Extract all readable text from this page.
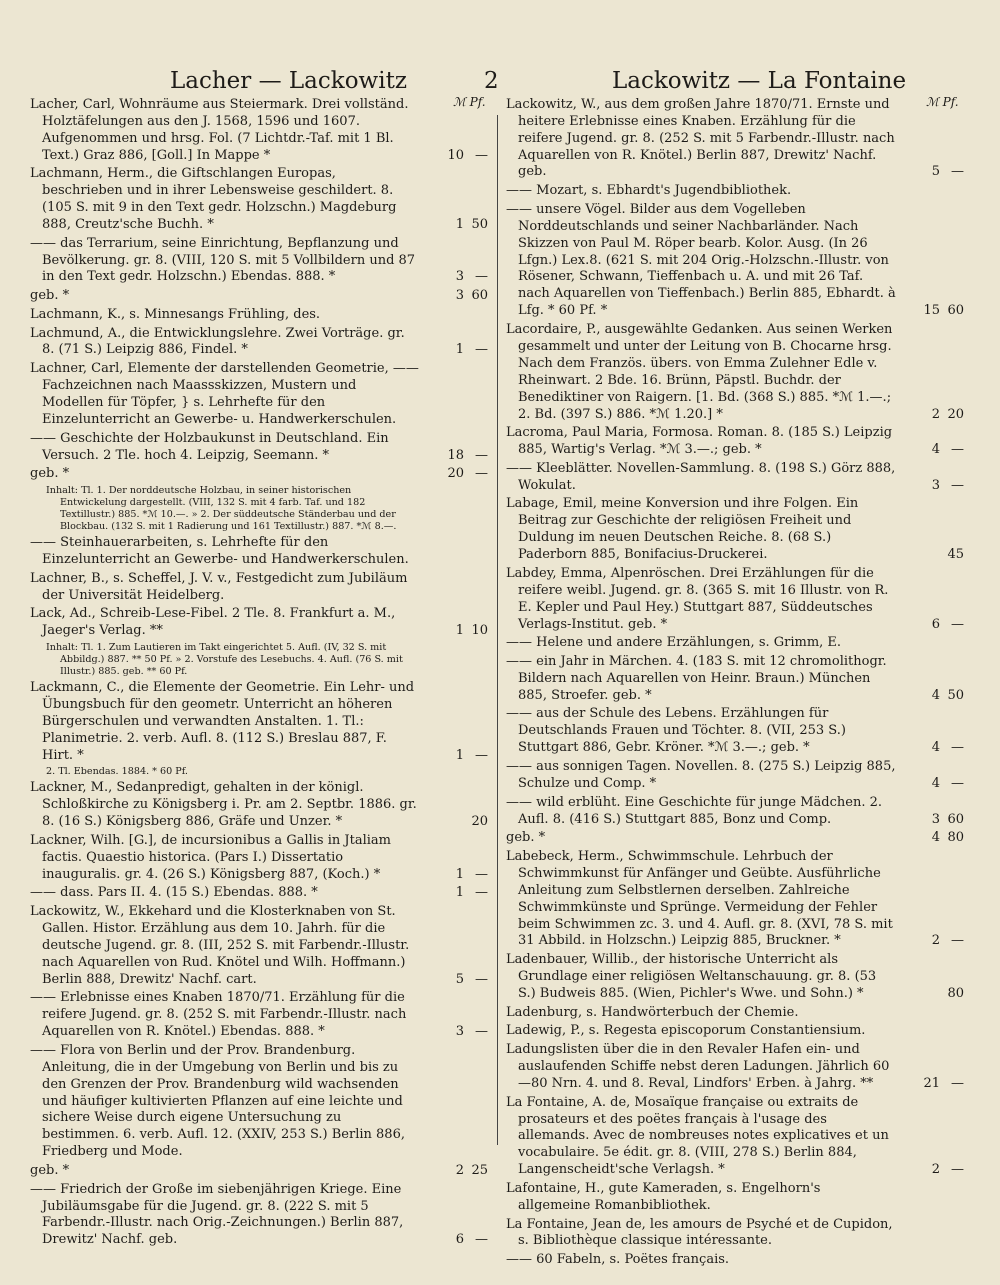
Lacher — Lackowitz	2	Lackowitz — La Fontaine
ℳ Pf.
Lacher, Carl, Wohnräume aus Steiermark. Drei vollständ. Holztäfelungen aus den J. 1568, 1596 und 1607. Aufgenommen und hrsg. Fol. (7 Lichtdr.-Taf. mit 1 Bl. Text.) Graz 886, [Goll.] In Mappe *	10 —
Lachmann, Herm., die Giftschlangen Europas, beschrieben und in ihrer Lebensweise geschildert. 8. (105 S. mit 9 in den Text gedr. Holzschn.) Magdeburg 888, Creutz'sche Buchh. *	1 50
—— das Terrarium, seine Einrichtung, Bepflanzung und Bevölkerung. gr. 8. (VIII, 120 S. mit 5 Vollbildern und 87 in den Text gedr. Holzschn.) Ebendas. 888. *	3 —
geb. *	3 60
Lachmann, K., s. Minnesangs Frühling, des.
Lachmund, A., die Entwicklungslehre. Zwei Vorträge. gr. 8. (71 S.) Leipzig 886, Findel. *	1 —
Lachner, Carl, Elemente der darstellenden Geometrie, —— Fachzeichnen nach Maassskizzen, Mustern und Modellen für Töpfer, } s. Lehrhefte für den Einzelunterricht an Gewerbe- u. Handwerkerschulen.
—— Geschichte der Holzbaukunst in Deutschland. Ein Versuch. 2 Tle. hoch 4. Leipzig, Seemann. *	18 —
geb. *	20 —
Inhalt: Tl. 1. Der norddeutsche Holzbau, in seiner historischen Entwickelung dargestellt. (VIII, 132 S. mit 4 farb. Taf. und 182 Textillustr.) 885. *ℳ 10.—. » 2. Der süddeutsche Ständerbau und der Blockbau. (132 S. mit 1 Radierung und 161 Textillustr.) 887. *ℳ 8.—.
—— Steinhauerarbeiten, s. Lehrhefte für den Einzelunterricht an Gewerbe- und Handwerkerschulen.
Lachner, B., s. Scheffel, J. V. v., Festgedicht zum Jubiläum der Universität Heidelberg.
Lack, Ad., Schreib-Lese-Fibel. 2 Tle. 8. Frankfurt a. M., Jaeger's Verlag. **	1 10
Inhalt: Tl. 1. Zum Lautieren im Takt eingerichtet 5. Aufl. (IV, 32 S. mit Abbildg.) 887. ** 50 Pf. » 2. Vorstufe des Lesebuchs. 4. Aufl. (76 S. mit Illustr.) 885. geb. ** 60 Pf.
Lackmann, C., die Elemente der Geometrie. Ein Lehr- und Übungsbuch für den geometr. Unterricht an höheren Bürgerschulen und verwandten Anstalten. 1. Tl.: Planimetrie. 2. verb. Aufl. 8. (112 S.) Breslau 887, F. Hirt. *	1 —
2. Tl. Ebendas. 1884. * 60 Pf.
Lackner, M., Sedanpredigt, gehalten in der königl. Schloßkirche zu Königsberg i. Pr. am 2. Septbr. 1886. gr. 8. (16 S.) Königsberg 886, Gräfe und Unzer. *	20
Lackner, Wilh. [G.], de incursionibus a Gallis in Jtaliam factis. Quaestio historica. (Pars I.) Dissertatio inauguralis. gr. 4. (26 S.) Königsberg 887, (Koch.) *	1 —
—— dass. Pars II. 4. (15 S.) Ebendas. 888. *	1 —
Lackowitz, W., Ekkehard und die Klosterknaben von St. Gallen. Histor. Erzählung aus dem 10. Jahrh. für die deutsche Jugend. gr. 8. (III, 252 S. mit Farbendr.-Illustr. nach Aquarellen von Rud. Knötel und Wilh. Hoffmann.) Berlin 888, Drewitz' Nachf. cart.	5 —
—— Erlebnisse eines Knaben 1870/71. Erzählung für die reifere Jugend. gr. 8. (252 S. mit Farbendr.-Illustr. nach Aquarellen von R. Knötel.) Ebendas. 888. *	3 —
—— Flora von Berlin und der Prov. Brandenburg. Anleitung, die in der Umgebung von Berlin und bis zu den Grenzen der Prov. Brandenburg wild wachsenden und häufiger kultivierten Pflanzen auf eine leichte und sichere Weise durch eigene Untersuchung zu bestimmen. 6. verb. Aufl. 12. (XXIV, 253 S.) Berlin 886, Friedberg und Mode.
geb. *	2 25
—— Friedrich der Große im siebenjährigen Kriege. Eine Jubiläumsgabe für die Jugend. gr. 8. (222 S. mit 5 Farbendr.-Illustr. nach Orig.-Zeichnungen.) Berlin 887, Drewitz' Nachf. geb.	6 —
ℳ Pf.
Lackowitz, W., aus dem großen Jahre 1870/71. Ernste und heitere Erlebnisse eines Knaben. Erzählung für die reifere Jugend. gr. 8. (252 S. mit 5 Farbendr.-Illustr. nach Aquarellen von R. Knötel.) Berlin 887, Drewitz' Nachf. geb.	5 —
—— Mozart, s. Ebhardt's Jugendbibliothek.
—— unsere Vögel. Bilder aus dem Vogelleben Norddeutschlands und seiner Nachbarländer. Nach Skizzen von Paul M. Röper bearb. Kolor. Ausg. (In 26 Lfgn.) Lex.8. (621 S. mit 204 Orig.-Holzschn.-Illustr. von Rösener, Schwann, Tieffenbach u. A. und mit 26 Taf. nach Aquarellen von Tieffenbach.) Berlin 885, Ebhardt. à Lfg. * 60 Pf. *	15 60
Lacordaire, P., ausgewählte Gedanken. Aus seinen Werken gesammelt und unter der Leitung von B. Chocarne hrsg. Nach dem Französ. übers. von Emma Zulehner Edle v. Rheinwart. 2 Bde. 16. Brünn, Päpstl. Buchdr. der Benediktiner von Raigern. [1. Bd. (368 S.) 885. *ℳ 1.—.; 2. Bd. (397 S.) 886. *ℳ 1.20.] *	2 20
Lacroma, Paul Maria, Formosa. Roman. 8. (185 S.) Leipzig 885, Wartig's Verlag. *ℳ 3.—.; geb. *	4 —
—— Kleeblätter. Novellen-Sammlung. 8. (198 S.) Görz 888, Wokulat.	3 —
Labage, Emil, meine Konversion und ihre Folgen. Ein Beitrag zur Geschichte der religiösen Freiheit und Duldung im neuen Deutschen Reiche. 8. (68 S.) Paderborn 885, Bonifacius-Druckerei.	45
Labdey, Emma, Alpenröschen. Drei Erzählungen für die reifere weibl. Jugend. gr. 8. (365 S. mit 16 Illustr. von R. E. Kepler und Paul Hey.) Stuttgart 887, Süddeutsches Verlags-Institut. geb. *	6 —
—— Helene und andere Erzählungen, s. Grimm, E.
—— ein Jahr in Märchen. 4. (183 S. mit 12 chromolithogr. Bildern nach Aquarellen von Heinr. Braun.) München 885, Stroefer. geb. *	4 50
—— aus der Schule des Lebens. Erzählungen für Deutschlands Frauen und Töchter. 8. (VII, 253 S.) Stuttgart 886, Gebr. Kröner. *ℳ 3.—.; geb. *	4 —
—— aus sonnigen Tagen. Novellen. 8. (275 S.) Leipzig 885, Schulze und Comp. *	4 —
—— wild erblüht. Eine Geschichte für junge Mädchen. 2. Aufl. 8. (416 S.) Stuttgart 885, Bonz und Comp.	3 60
geb. *	4 80
Labebeck, Herm., Schwimmschule. Lehrbuch der Schwimmkunst für Anfänger und Geübte. Ausführliche Anleitung zum Selbstlernen derselben. Zahlreiche Schwimmkünste und Sprünge. Vermeidung der Fehler beim Schwimmen zc. 3. und 4. Aufl. gr. 8. (XVI, 78 S. mit 31 Abbild. in Holzschn.) Leipzig 885, Bruckner. *	2 —
Ladenbauer, Willib., der historische Unterricht als Grundlage einer religiösen Weltanschauung. gr. 8. (53 S.) Budweis 885. (Wien, Pichler's Wwe. und Sohn.) *	80
Ladenburg, s. Handwörterbuch der Chemie.
Ladewig, P., s. Regesta episcoporum Constantiensium.
Ladungslisten über die in den Revaler Hafen ein- und auslaufenden Schiffe nebst deren Ladungen. Jährlich 60—80 Nrn. 4. und 8. Reval, Lindfors' Erben. à Jahrg. **	21 —
La Fontaine, A. de, Mosaïque française ou extraits de prosateurs et des poëtes français à l'usage des allemands. Avec de nombreuses notes explicatives et un vocabulaire. 5e édit. gr. 8. (VIII, 278 S.) Berlin 884, Langenscheidt'sche Verlagsh. *	2 —
Lafontaine, H., gute Kameraden, s. Engelhorn's allgemeine Romanbibliothek.
La Fontaine, Jean de, les amours de Psyché et de Cupidon, s. Bibliothèque classique intéressante.
—— 60 Fabeln, s. Poëtes français.
